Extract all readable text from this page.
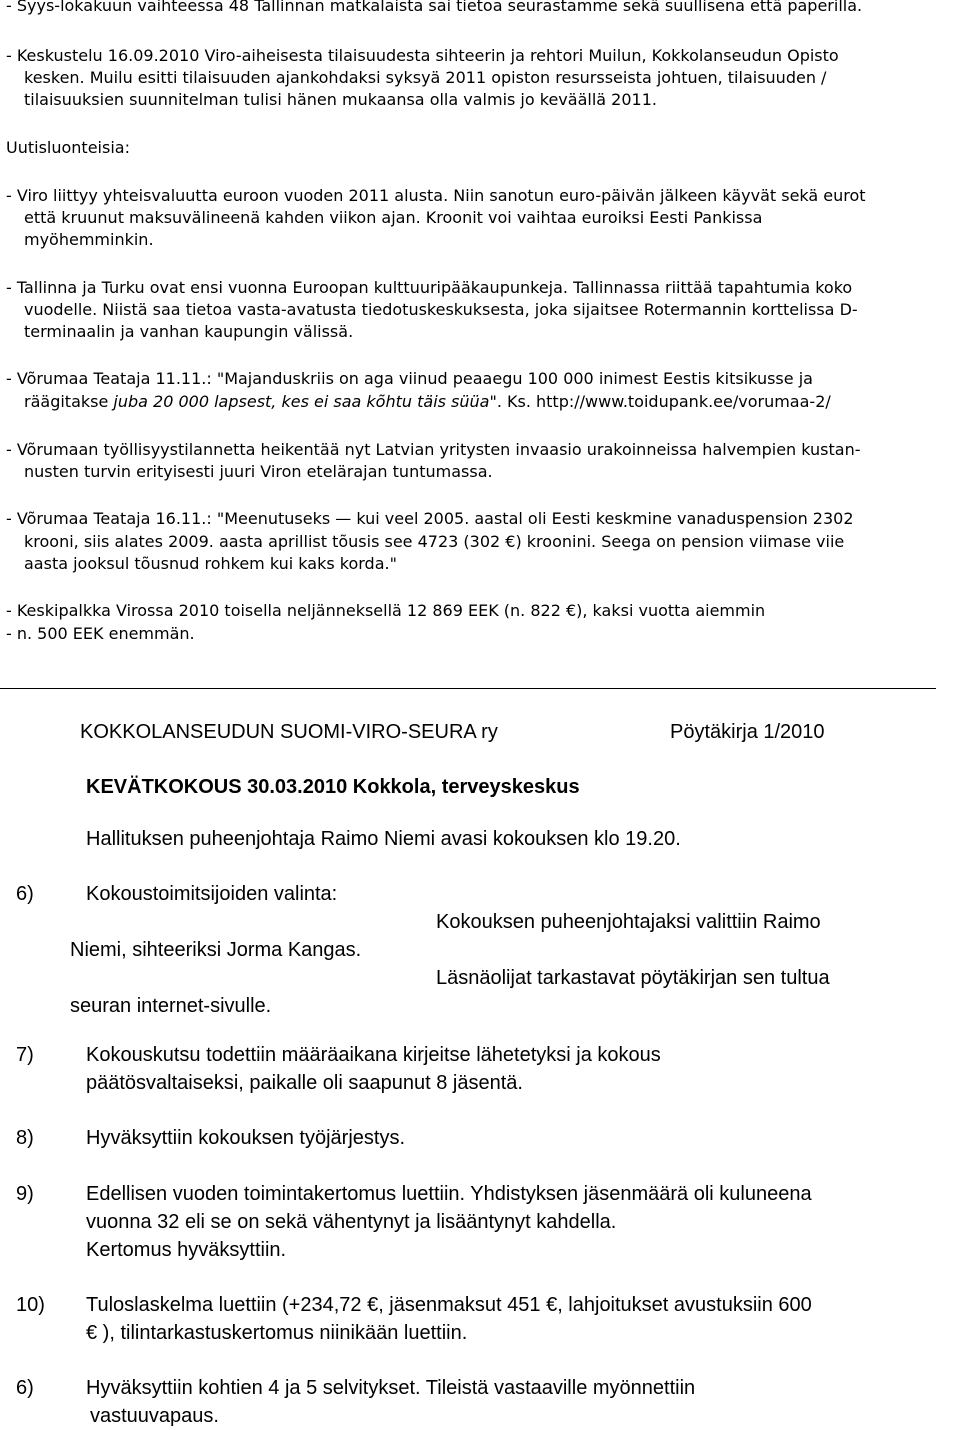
- Syys-lokakuun vaihteessa 48 Tallinnan matkalaista sai tietoa seurastamme sekä suullisena että paperilla.
- Keskustelu 16.09.2010 Viro-aiheisesta tilaisuudesta sihteerin ja rehtori Muilun, Kokkolanseudun Opisto
kesken. Muilu esitti tilaisuuden ajankohdaksi syksyä 2011 opiston resursseista johtuen, tilaisuuden /
tilaisuuksien suunnitelman tulisi hänen mukaansa olla valmis jo keväällä 2011.
Uutisluonteisia:
- Viro liittyy yhteisvaluutta euroon vuoden 2011 alusta. Niin sanotun euro-päivän jälkeen käyvät sekä eurot
että kruunut maksuvälineenä kahden viikon ajan. Kroonit voi vaihtaa euroiksi Eesti Pankissa
myöhemminkin.
- Tallinna ja Turku ovat ensi vuonna Euroopan kulttuuripääkaupunkeja. Tallinnassa riittää tapahtumia koko
vuodelle. Niistä saa tietoa vasta-avatusta tiedotuskeskuksesta, joka sijaitsee Rotermannin korttelissa D-
terminaalin ja vanhan kaupungin välissä.
- Võrumaa Teataja 11.11.: "Majanduskriis on aga viinud peaaegu 100 000 inimest Eestis kitsikusse ja
räägitakse juba 20 000 lapsest, kes ei saa kõhtu täis süüa". Ks. http://www.toidupank.ee/vorumaa-2/
- Võrumaan työllisyystilannetta heikentää nyt Latvian yritysten invaasio urakoinneissa halvempien kustan-
nusten turvin erityisesti juuri Viron etelärajan tuntumassa.
- Võrumaa Teataja 16.11.: "Meenutuseks — kui veel 2005. aastal oli Eesti keskmine vanaduspension 2302
krooni, siis alates 2009. aasta aprillist tõusis see 4723 (302 €) kroonini. Seega on pension viimase viie
aasta jooksul tõusnud rohkem kui kaks korda."
- Keskipalkka Virossa 2010 toisella neljänneksellä 12 869 EEK (n. 822 €), kaksi vuotta aiemmin
- n. 500 EEK enemmän.
KOKKOLANSEUDUN SUOMI-VIRO-SEURA ry	Pöytäkirja 1/2010
KEVÄTKOKOUS 30.03.2010 Kokkola, terveyskeskus
Hallituksen puheenjohtaja Raimo Niemi avasi kokouksen klo 19.20.
6)	Kokoustoimitsijoiden valinta:
Kokouksen puheenjohtajaksi valittiin Raimo
Niemi, sihteeriksi Jorma Kangas.
Läsnäolijat tarkastavat pöytäkirjan sen tultua
seuran internet-sivulle.
7)	Kokouskutsu todettiin määräaikana kirjeitse lähetetyksi ja kokous
päätösvaltaiseksi, paikalle oli saapunut 8 jäsentä.
8)	Hyväksyttiin kokouksen työjärjestys.
9)	Edellisen vuoden toimintakertomus luettiin. Yhdistyksen jäsenmäärä oli kuluneena
vuonna 32 eli se on sekä vähentynyt ja lisääntynyt kahdella.
Kertomus hyväksyttiin.
10) Tuloslaskelma luettiin (+234,72 €, jäsenmaksut 451 €, lahjoitukset avustuksiin 600
€ ), tilintarkastuskertomus niinikään luettiin.
6)	Hyväksyttiin kohtien 4 ja 5 selvitykset. Tileistä vastaaville myönnettiin
vastuuvapaus.
